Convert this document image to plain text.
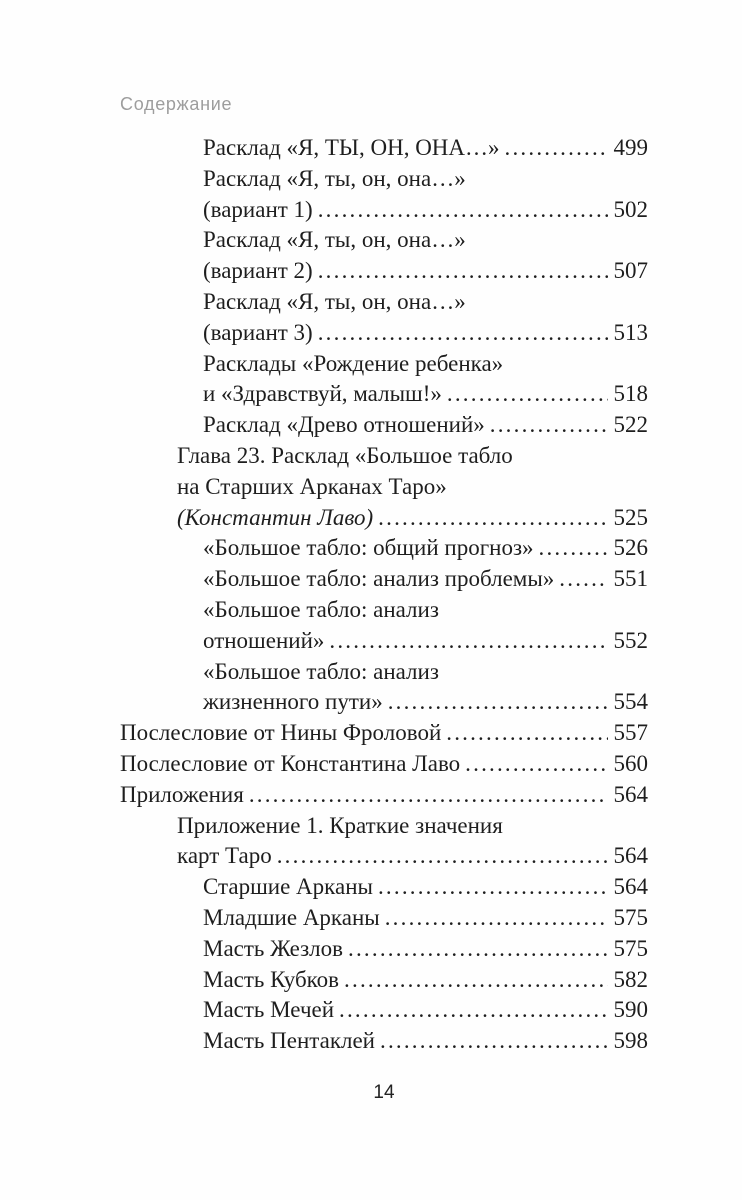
Содержание
Расклад «Я, ТЫ, ОН, ОНА…» .....	499
Расклад «Я, ты, он, она…»
(вариант 1) .....	502
Расклад «Я, ты, он, она…»
(вариант 2) .....	507
Расклад «Я, ты, он, она…»
(вариант 3) .....	513
Расклады «Рождение ребенка»
и «Здравствуй, малыш!» .....	518
Расклад «Древо отношений» .....	522
Глава 23. Расклад «Большое табло
на Старших Арканах Таро»
(Константин Лаво) .....	525
«Большое табло: общий прогноз» .....	526
«Большое табло: анализ проблемы» .....	551
«Большое табло: анализ
отношений» .....	552
«Большое табло: анализ
жизненного пути» .....	554
Послесловие от Нины Фроловой .....	557
Послесловие от Константина Лаво .....	560
Приложения .....	564
Приложение 1. Краткие значения
карт Таро .....	564
Старшие Арканы .....	564
Младшие Арканы .....	575
Масть Жезлов .....	575
Масть Кубков .....	582
Масть Мечей .....	590
Масть Пентаклей .....	598
14
